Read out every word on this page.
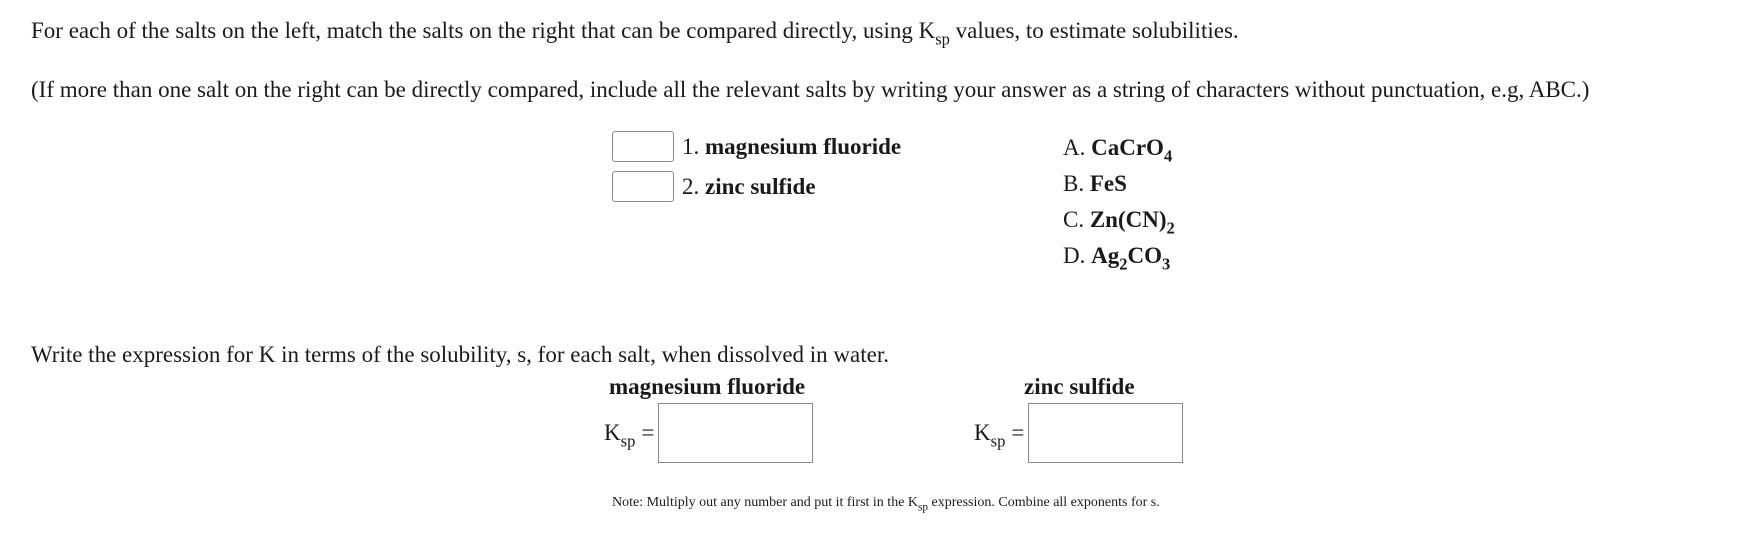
For each of the salts on the left, match the salts on the right that can be compared directly, using $K_{sp}$ values, to estimate solubilities.
(If more than one salt on the right can be directly compared, include all the relevant salts by writing your answer as a string of characters without punctuation, e.g, ABC.)
1. magnesium fluoride
2. zinc sulfide
A. CaCrO$_4$
B. FeS
C. $Zn(CN)_2$
D. $Ag_2CO_3$
Write the expression for K in terms of the solubility, s, for each salt, when dissolved in water.
magnesium fluoride	zinc sulfide
$K_{sp}$ =	$K_{sp}$ =
Note: Multiply out any number and put it first in the $K_{sp}$ expression. Combine all exponents for s.
